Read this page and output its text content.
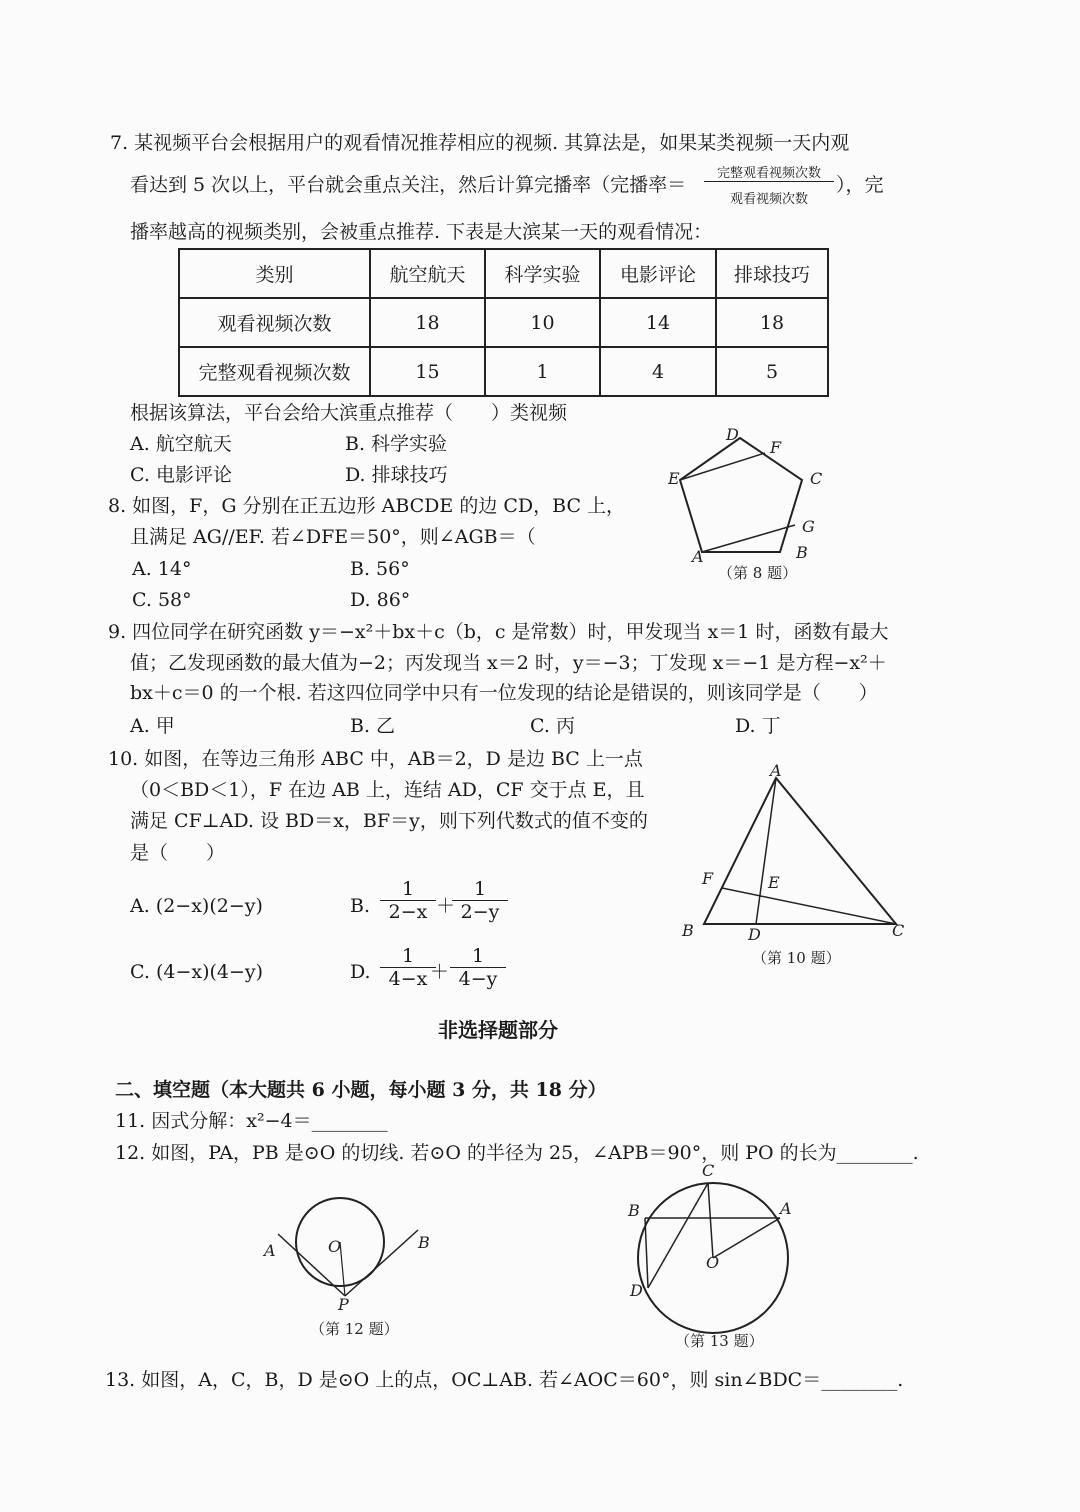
7. 某视频平台会根据用户的观看情况推荐相应的视频. 其算法是，如果某类视频一天内观
看达到 5 次以上，平台就会重点关注，然后计算完播率（完播率＝
完整观看视频次数
观看视频次数
），完
播率越高的视频类别，会被重点推荐. 下表是大滨某一天的观看情况：
类别	航空航天	科学实验	电影评论	排球技巧
观看视频次数	18	10	14	18
完整观看视频次数	15	1	4	5
根据该算法，平台会给大滨重点推荐（　　）类视频
A. 航空航天	B. 科学实验
C. 电影评论	D. 排球技巧
8. 如图，F，G 分别在正五边形 ABCDE 的边 CD，BC 上，
且满足 AG//EF. 若∠DFE＝50°，则∠AGB＝（
A. 14°	B. 56°
C. 58°	D. 86°
D
F
E	C
G
A	B
（第 8 题）
9. 四位同学在研究函数 y＝−x²＋bx＋c（b，c 是常数）时，甲发现当 x＝1 时，函数有最大
值；乙发现函数的最大值为−2；丙发现当 x＝2 时，y＝−3；丁发现 x＝−1 是方程−x²＋
bx＋c＝0 的一个根. 若这四位同学中只有一位发现的结论是错误的，则该同学是（　　）
A. 甲	B. 乙	C. 丙	D. 丁
10. 如图，在等边三角形 ABC 中，AB＝2，D 是边 BC 上一点
（0＜BD＜1），F 在边 AB 上，连结 AD，CF 交于点 E，且
满足 CF⊥AD. 设 BD＝x，BF＝y，则下列代数式的值不变的
是（　　）
A. (2−x)(2−y)	B. $\frac{1}{2-x}$ ＋
$\frac{1}{2-y}$
C. (4−x)(4−y)	D. $\frac{1}{4-x}$
＋ $\frac{1}{4-y}$
A
F	E
B	D	C
（第 10 题）
非选择题部分
二、填空题（本大题共 6 小题，每小题 3 分，共 18 分）
11. 因式分解：x²−4＝________
12. 如图，PA，PB 是⊙O 的切线. 若⊙O 的半径为 25，∠APB＝90°，则 PO 的长为________.
A	B
O
P
（第 12 题）
C
B	A
O
D
（第 13 题）
13. 如图，A，C，B，D 是⊙O 上的点，OC⊥AB. 若∠AOC＝60°，则 sin∠BDC＝________.
